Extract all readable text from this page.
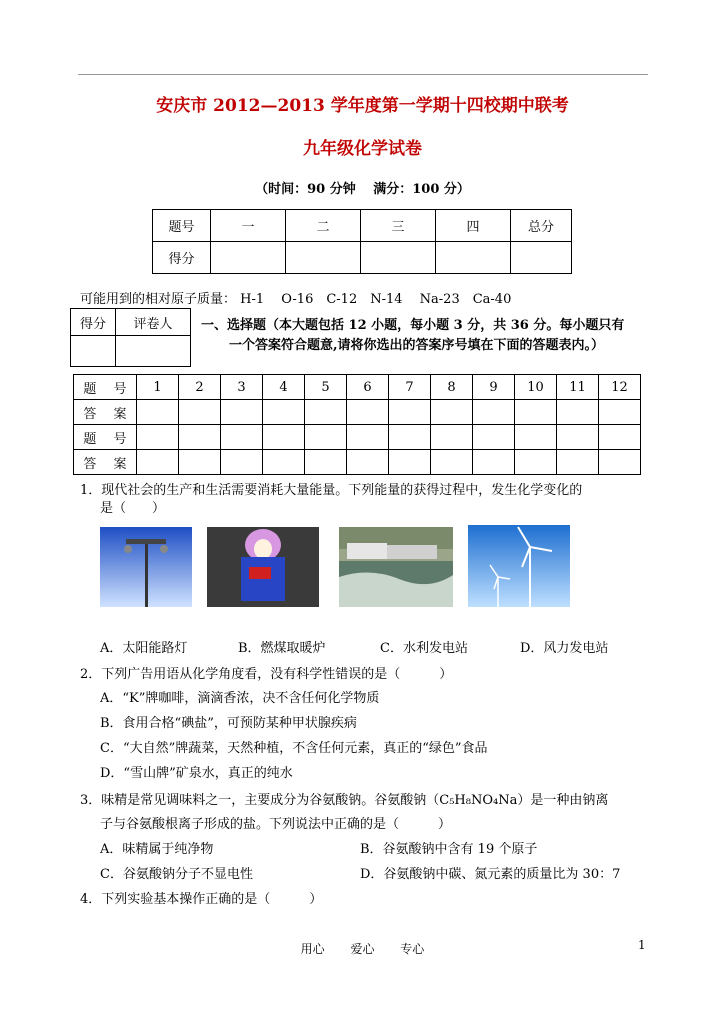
安庆市 2012—2013 学年度第一学期十四校期中联考
九年级化学试卷
（时间：90 分钟　 满分：100 分）
题号	一	二	三	四	总分
得分					
可能用到的相对原子质量： H-1　 O-16　C-12　N-14　 Na-23　Ca-40
得分	评卷人
	一、选择题（本大题包括 12 小题，每小题 3 分，共 36 分。每小题只有
一个答案符合题意,请将你选出的答案序号填在下面的答题表内。）
题　 号	1	2	3	4	5	6	7	8	9	10	11	12
答　 案												
题　 号												
答　 案												
1．现代社会的生产和生活需要消耗大量能量。下列能量的获得过程中，发生化学变化的
是（　　）
A．太阳能路灯	B．燃煤取暖炉	C．水利发电站	D．风力发电站
2．下列广告用语从化学角度看，没有科学性错误的是（　　　）
A．“K”牌咖啡，滴滴香浓，决不含任何化学物质
B．食用合格“碘盐”，可预防某种甲状腺疾病
C．“大自然”牌蔬菜，天然种植，不含任何元素，真正的“绿色”食品
D．“雪山牌”矿泉水，真正的纯水
3．味精是常见调味料之一，主要成分为谷氨酸钠。谷氨酸钠（C₅H₈NO₄Na）是一种由钠离
子与谷氨酸根离子形成的盐。下列说法中正确的是（　　　）
A．味精属于纯净物	B．谷氨酸钠中含有 19 个原子
C．谷氨酸钠分子不显电性	D．谷氨酸钠中碳、氮元素的质量比为 30：7
4．下列实验基本操作正确的是（　　　）
用心 爱心 专心	1
